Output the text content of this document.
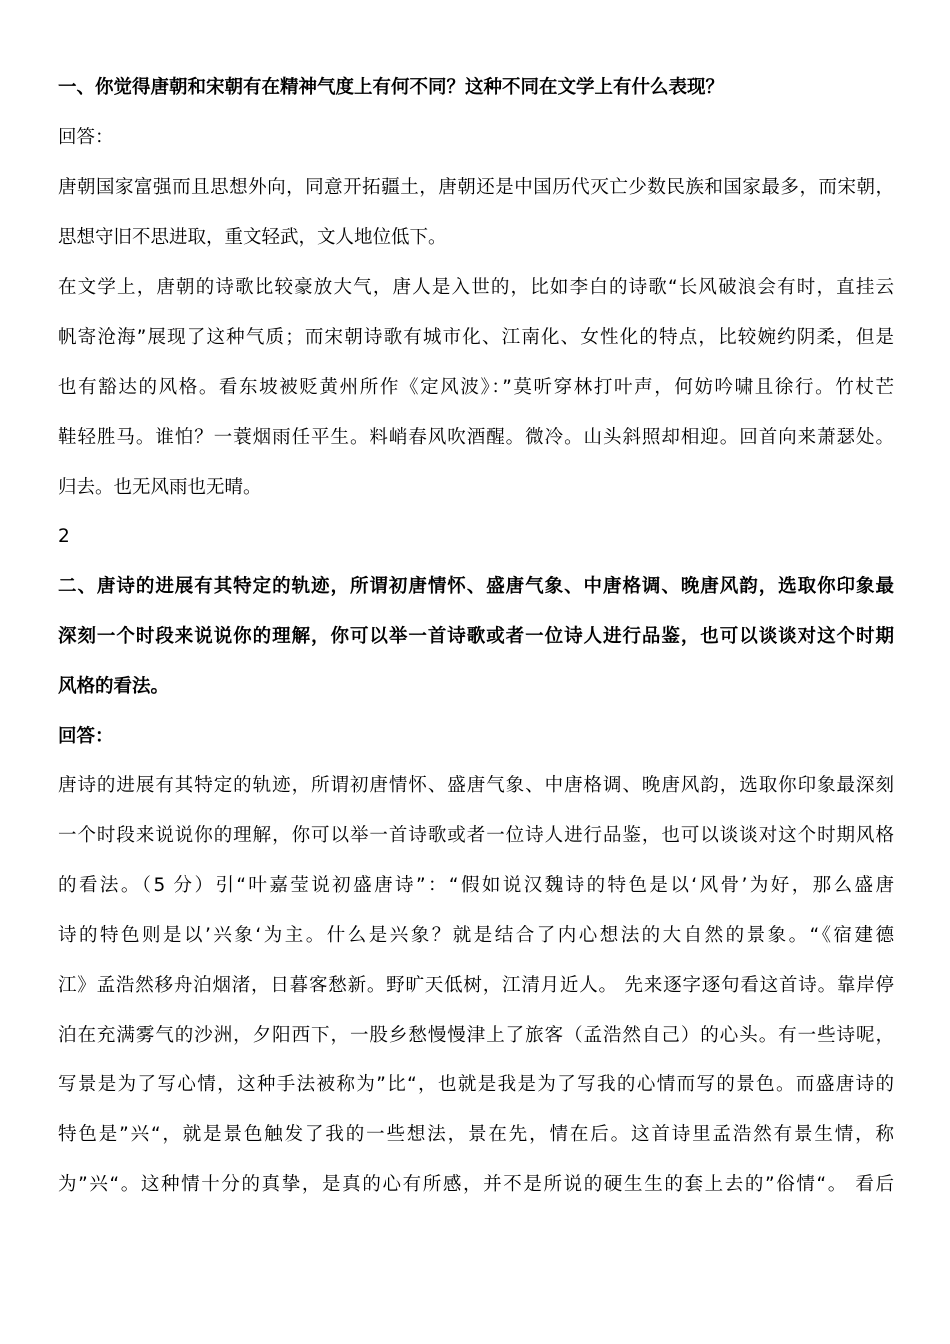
一、你觉得唐朝和宋朝有在精神气度上有何不同？这种不同在文学上有什么表现？
回答：
唐朝国家富强而且思想外向，同意开拓疆土，唐朝还是中国历代灭亡少数民族和国家最多，而宋朝，
思想守旧不思进取，重文轻武，文人地位低下。
在文学上，唐朝的诗歌比较豪放大气，唐人是入世的，比如李白的诗歌“长风破浪会有时，直挂云
帆寄沧海”展现了这种气质；而宋朝诗歌有城市化、江南化、女性化的特点，比较婉约阴柔，但是
也有豁达的风格。看东坡被贬黄州所作《定风波》：”莫听穿林打叶声，何妨吟啸且徐行。竹杖芒
鞋轻胜马。谁怕？一蓑烟雨任平生。料峭春风吹酒醒。微冷。山头斜照却相迎。回首向来萧瑟处。
归去。也无风雨也无晴。
2
二、唐诗的进展有其特定的轨迹，所谓初唐情怀、盛唐气象、中唐格调、晚唐风韵，选取你印象最
深刻一个时段来说说你的理解，你可以举一首诗歌或者一位诗人进行品鉴，也可以谈谈对这个时期
风格的看法。
回答：
唐诗的进展有其特定的轨迹，所谓初唐情怀、盛唐气象、中唐格调、晚唐风韵，选取你印象最深刻
一个时段来说说你的理解，你可以举一首诗歌或者一位诗人进行品鉴，也可以谈谈对这个时期风格
的看法。（5 分）引“叶嘉莹说初盛唐诗”：“假如说汉魏诗的特色是以‘风骨’为好，那么盛唐
诗的特色则是以’兴象‘为主。什么是兴象？就是结合了内心想法的大自然的景象。“《宿建德
江》孟浩然移舟泊烟渚，日暮客愁新。野旷天低树，江清月近人。 先来逐字逐句看这首诗。靠岸停
泊在充满雾气的沙洲，夕阳西下，一股乡愁慢慢津上了旅客（孟浩然自己）的心头。有一些诗呢，
写景是为了写心情，这种手法被称为”比“，也就是我是为了写我的心情而写的景色。而盛唐诗的
特色是”兴“，就是景色触发了我的一些想法，景在先，情在后。这首诗里孟浩然有景生情，称
为”兴“。这种情十分的真挚，是真的心有所感，并不是所说的硬生生的套上去的”俗情“。 看后
